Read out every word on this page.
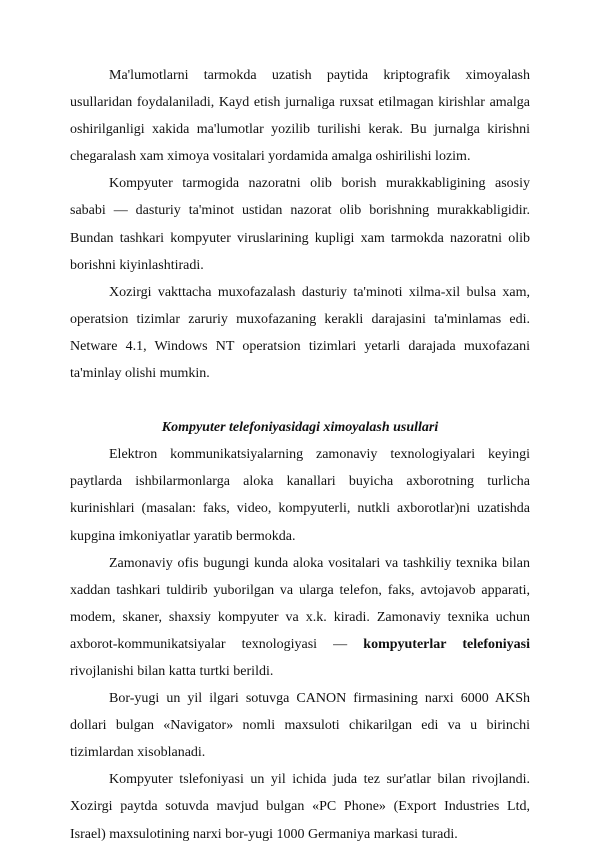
Ma'lumotlarni tarmokda uzatish paytida kriptografik ximoyalash usullaridan foydalaniladi, Kayd etish jurnaliga ruxsat etilmagan kirishlar amalga oshirilganligi xakida ma'lumotlar yozilib turilishi kerak. Bu jurnalga kirishni chegaralash xam ximoya vositalari yordamida amalga oshirilishi lozim.

Kompyuter tarmogida nazoratni olib borish murakkabligining asosiy sababi — dasturiy ta'minot ustidan nazorat olib borishning murakkabligidir. Bundan tashkari kompyuter viruslarining kupligi xam tarmokda nazoratni olib borishni kiyinlashtiradi.

Xozirgi vakttacha muxofazalash dasturiy ta'minoti xilma-xil bulsa xam, operatsion tizimlar zaruriy muxofazaning kerakli darajasini ta'minlamas edi. Netware 4.1, Windows NT operatsion tizimlari yetarli darajada muxofazani ta'minlay olishi mumkin.

Kompyuter telefoniyasidagi ximoyalash usullari

Elektron kommunikatsiyalarning zamonaviy texnologiyalari keyingi paytlarda ishbilarmonlarga aloka kanallari buyicha axborotning turlicha kurinishlari (masalan: faks, video, kompyuterli, nutkli axborotlar)ni uzatishda kupgina imkoniyatlar yaratib bermokda.

Zamonaviy ofis bugungi kunda aloka vositalari va tashkiliy texnika bilan xaddan tashkari tuldirib yuborilgan va ularga telefon, faks, avtojavob apparati, modem, skaner, shaxsiy kompyuter va x.k. kiradi. Zamonaviy texnika uchun axborot-kommunikatsiyalar texnologiyasi — kompyuterlar telefoniyasi rivojlanishi bilan katta turtki berildi.

Bor-yugi un yil ilgari sotuvga CANON firmasining narxi 6000 AKSh dollari bulgan «Navigator» nomli maxsuloti chikarilgan edi va u birinchi tizimlardan xisoblanadi.

Kompyuter tslefoniyasi un yil ichida juda tez sur'atlar bilan rivojlandi. Xozirgi paytda sotuvda mavjud bulgan «PC Phone» (Export Industries Ltd, Israel) maxsulotining narxi bor-yugi 1000 Germaniya markasi turadi.
